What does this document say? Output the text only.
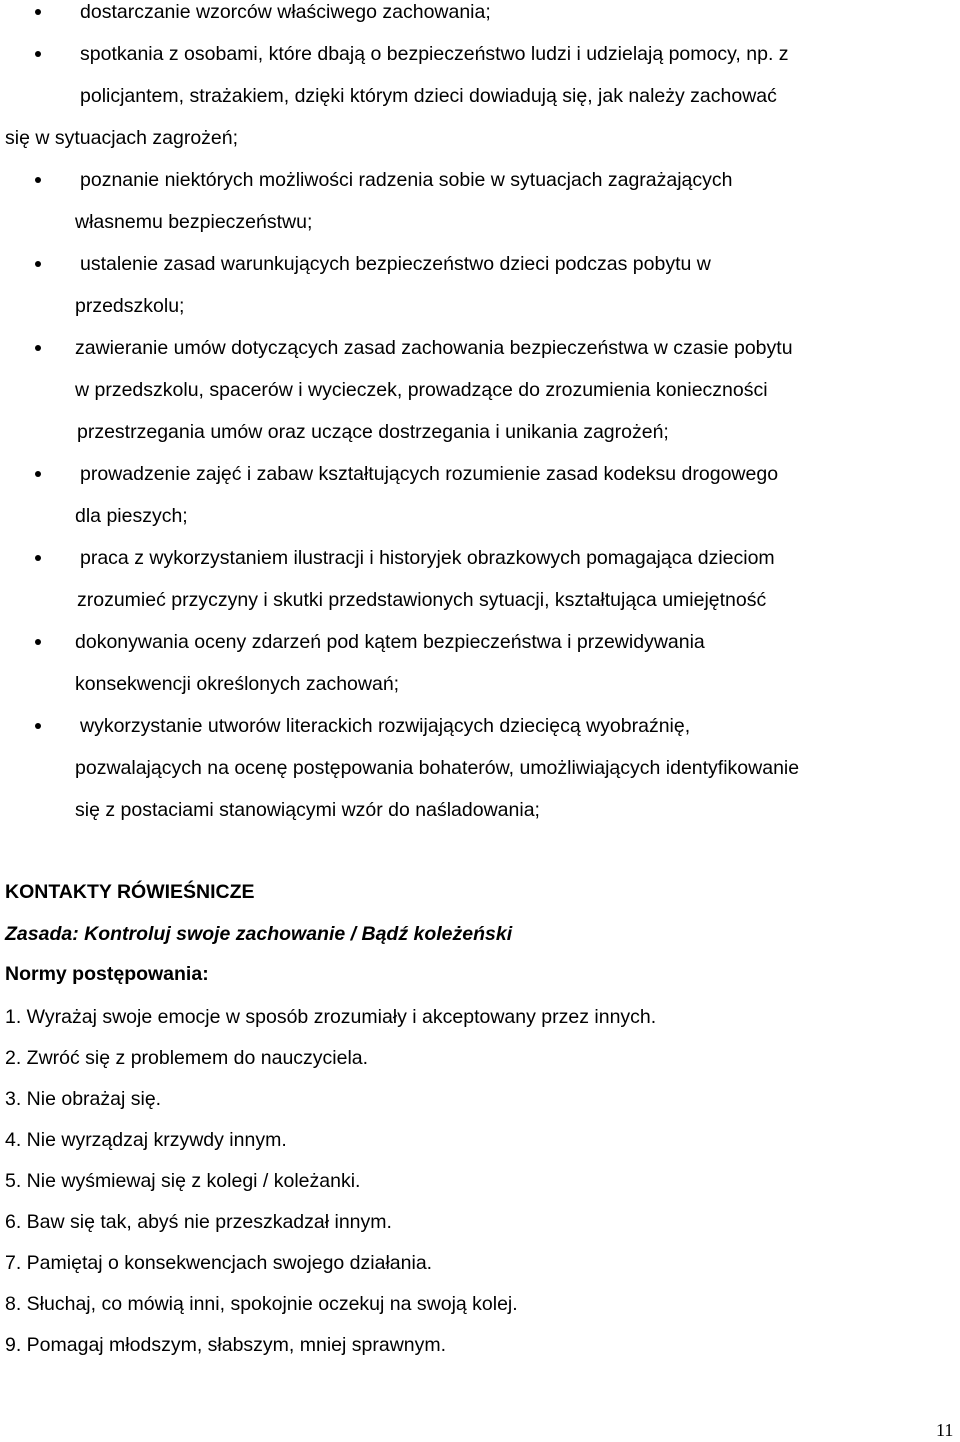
dostarczanie wzorców właściwego zachowania;
spotkania z osobami, które dbają o bezpieczeństwo ludzi i udzielają pomocy, np. z
policjantem, strażakiem, dzięki którym dzieci dowiadują się, jak należy zachować
się w sytuacjach zagrożeń;
poznanie niektórych możliwości radzenia sobie w sytuacjach zagrażających
własnemu bezpieczeństwu;
ustalenie zasad warunkujących bezpieczeństwo dzieci podczas pobytu w
przedszkolu;
zawieranie umów dotyczących zasad zachowania bezpieczeństwa w czasie pobytu
w przedszkolu, spacerów i wycieczek, prowadzące do zrozumienia konieczności
przestrzegania umów oraz uczące dostrzegania i unikania zagrożeń;
prowadzenie zajęć i zabaw kształtujących rozumienie zasad kodeksu drogowego
dla pieszych;
praca z wykorzystaniem ilustracji i historyjek obrazkowych pomagająca dzieciom
zrozumieć przyczyny i skutki przedstawionych sytuacji, kształtująca umiejętność
dokonywania oceny zdarzeń pod kątem bezpieczeństwa i przewidywania
konsekwencji określonych zachowań;
wykorzystanie utworów literackich rozwijających dziecięcą wyobraźnię,
pozwalających na ocenę postępowania bohaterów, umożliwiających identyfikowanie
się z postaciami stanowiącymi wzór do naśladowania;
KONTAKTY RÓWIEŚNICZE
Zasada: Kontroluj swoje zachowanie / Bądź koleżeński
Normy postępowania:
1. Wyrażaj swoje emocje w sposób zrozumiały i akceptowany przez innych.
2. Zwróć się z problemem do nauczyciela.
3. Nie obrażaj się.
4. Nie wyrządzaj krzywdy innym.
5. Nie wyśmiewaj się z kolegi / koleżanki.
6. Baw się tak, abyś nie przeszkadzał innym.
7. Pamiętaj o konsekwencjach swojego działania.
8. Słuchaj, co mówią inni, spokojnie oczekuj na swoją kolej.
9. Pomagaj młodszym, słabszym, mniej sprawnym.
11
